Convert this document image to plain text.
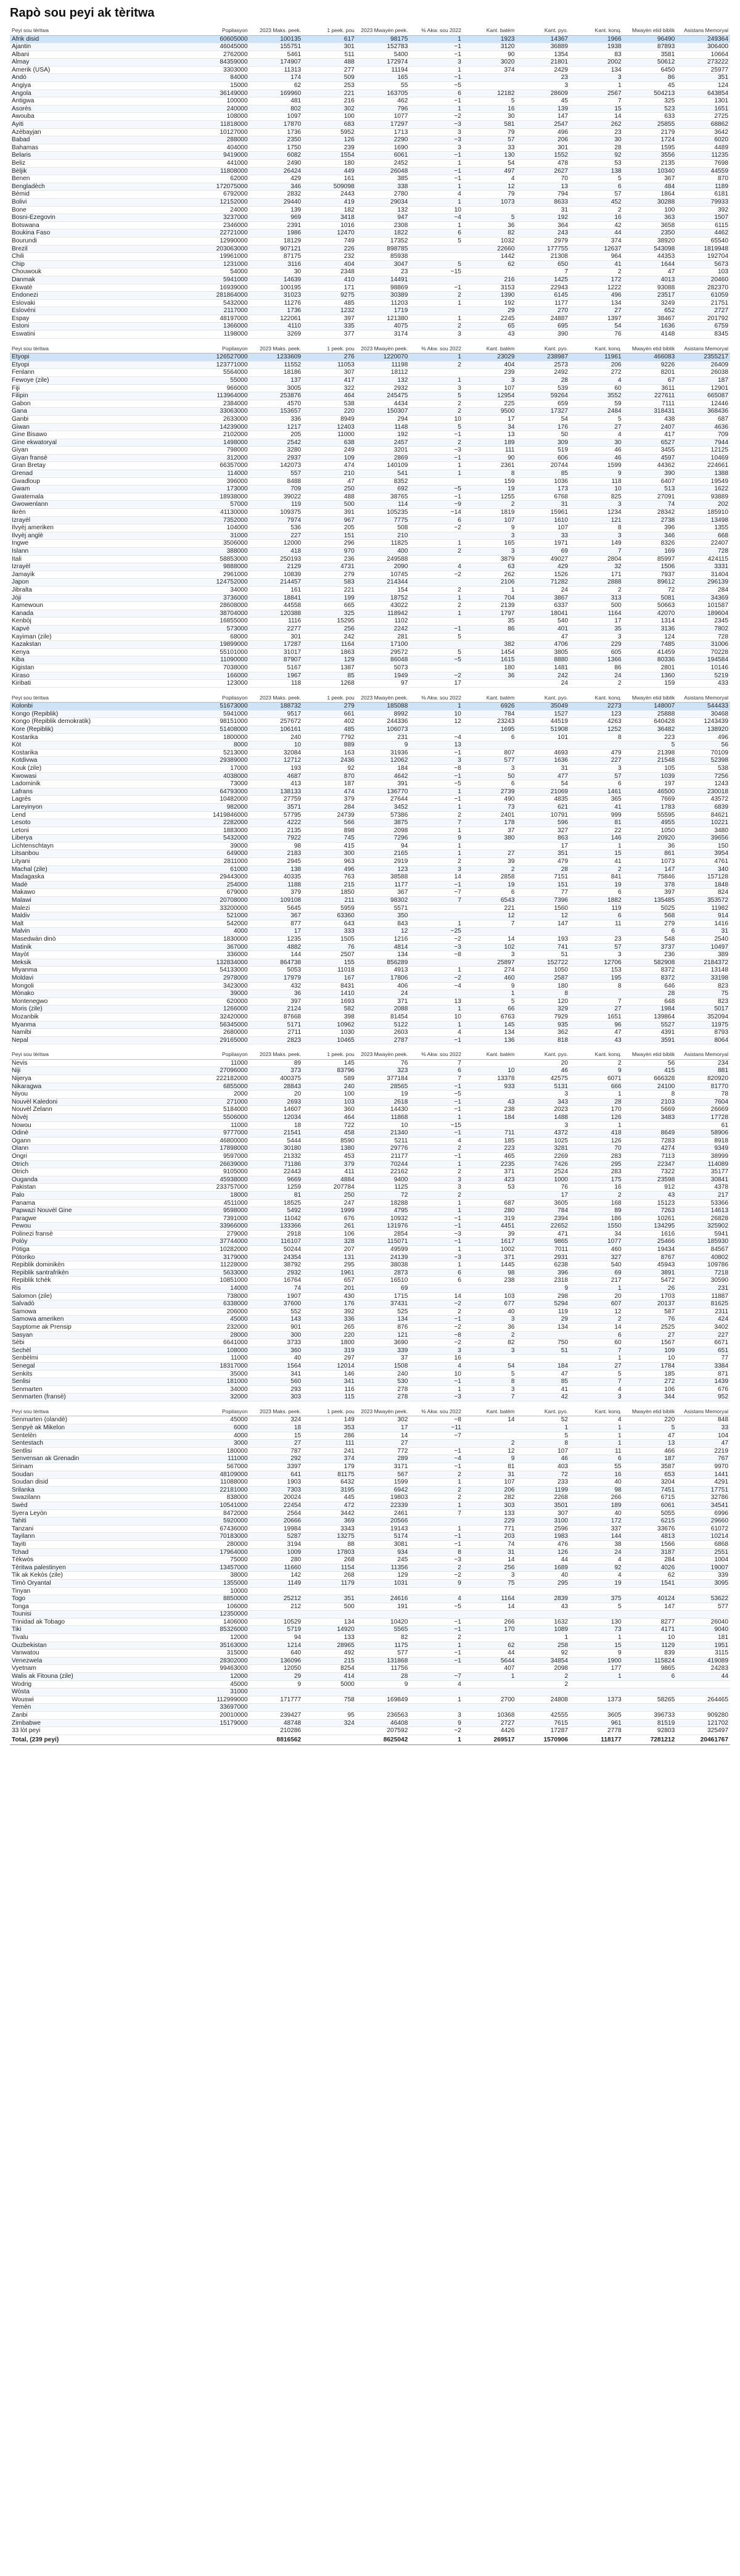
Rapò sou peyi ak tèritwa
Peyi sou tèritwa	Popilasyon	2023 Maks. peek.	1 peek. pou	2023 Mwayèn peek.	% Akw. sou 2022	Kant. batèm	Kant. pyo.	Kant. konq.	Mwayèn etid biblik	Asistans Memoryal
Afrik disid	60605000	100135	617	98175	1	1923	14367	1966	96490	249364
Ajantin	46045000	155751	301	152783	−1	3120	36889	1938	87893	306400
Albani	2762000	5461	511	5400	−1	90	1354	83	3581	10664
Almay	84359000	174907	488	172974	3	3020	21801	2002	50612	273222
Amerik (USA)	3303000	11313	277	11194	1	374	2429	134	6450	25977
Andò	84000	174	509	165	−1		23	3	86	351
Angiya	15000	62	253	55	−5		3	1	45	124
Angola	36149000	169960	221	163705	6	12182	28609	2567	504213	643854
Antigwa	100000	481	216	462	−1	5	45	7	325	1301
Asorès	240000	802	302	796	1	16	139	15	523	1651
Awouba	108000	1097	100	1077	−2	30	147	14	633	2725
Ayiti	11818000	17870	683	17297	−3	581	2547	262	25855	68862
Azèbayjan	10127000	1736	5952	1713	3	79	496	23	2179	3642
Babad	288000	2350	126	2290	−3	57	206	30	1724	6020
Bahamas	404000	1750	239	1690	3	33	301	28	1595	4489
Belaris	9419000	6082	1554	6061	−1	130	1552	92	3556	11235
Beliz	441000	2490	180	2452	1	54	478	53	2135	7698
Bèljik	11808000	26424	449	26048	−1	497	2627	138	10340	44559
Benen	62000	429	161	385	−1	4	70	5	367	870
Bengladèch	172075000	346	509098	338	1	12	13	6	484	1189
Bèmid	6792000	2832	2443	2780	4	79	794	57	1864	6181
Bolivi	12152000	29440	419	29034	1	1073	8633	452	30288	79933
Bone	24000	139	182	132	10		31	2	100	392
Bosni-Èzegovin	3237000	969	3418	947	−4	5	192	16	363	1507
Botswana	2346000	2391	1016	2308	1	36	364	42	3658	6115
Boukina Faso	22721000	1986	12470	1822	6	82	243	44	2350	4462
Bourundi	12990000	18129	749	17352	5	1032	2979	374	38920	65540
Brezil	203063000	907121	226	898785		22660	177755	12637	543098	1819948
Chili	19961000	87175	232	85938		1442	21308	964	44353	192704
Chip	1231000	3116	404	3047	5	62	650	41	1644	5673
Chouwouk	54000	30	2348	23	−15		7	2	47	103
Danmak	5941000	14639	410	14491		216	1425	172	4013	20460
Ekwatè	16939000	100195	171	98869	−1	3153	22943	1222	93088	282370
Endonezi	281864000	31023	9275	30389	2	1390	6145	496	23517	61059
Eslovaki	5432000	11276	485	11203	1	192	1177	134	3249	21751
Eslovéni	2117000	1736	1232	1719		29	270	27	652	2727
Espay	48197000	122061	397	121380	1	2245	24887	1397	38467	201792
Estoni	1366000	4110	335	4075	2	65	695	54	1636	6759
Eswatini	1198000	3269	377	3174	3	43	390	76	4148	8345
Peyi sou tèritwa	Popilasyon	2023 Maks. peek.	1 peek. pou	2023 Mwayèn peek.	% Akw. sou 2022	Kant. batèm	Kant. pyo.	Kant. konq.	Mwayèn etid biblik	Asistans Memoryal
Etyopi	126527000	1233609	276	1220070	1	23029	238987	11961	466083	2355217
Etyopi	123771000	11552	11053	11198	2	404	2573	206	9226	26409
Fenlann	5564000	18186	307	18112		239	2492	272	8201	26038
Fewoye (zile)	55000	137	417	132	1	3	28	4	67	187
Fiji	966000	3005	322	2932	3	107	539	60	3611	12901
Filipin	113964000	253876	464	245475	5	12954	59264	3552	227611	665087
Gabon	2384000	4570	538	4434	2	225	659	59	7111	12446
Gana	33063000	153657	220	150307	2	9500	17327	2484	318431	368436
Ganbi	2633000	336	8949	294	10	17	54	5	438	687
Giwan	14239000	1217	12403	1148	5	34	176	27	2407	4636
Gine Bisawo	2102000	205	11000	192	−1	13	50	4	417	709
Gine ekwatoryal	1498000	2542	638	2457	2	189	309	30	6527	7944
Giyan	798000	3280	249	3201	−3	111	519	46	3455	12125
Giyan fransè	312000	2937	109	2869	−1	90	606	46	4597	10469
Gran Bretay	66357000	142073	474	140109	1	2361	20744	1599	44362	224661
Grenad	114000	557	210	541	1	8	85	9	390	1388
Gwadloup	396000	8488	47	8352		159	1036	118	6407	19549
Gwam	173000	709	250	692	−5	19	173	10	513	1622
Gwatemala	18938000	39022	488	38765	−1	1255	6768	825	27091	93889
Gwowenlann	57000	119	500	114	−9	2	31	3	74	202
Ikrèn	41130000	109375	391	105235	−14	1819	15961	1234	28342	185910
Izrayèl	7352000	7974	967	7775	6	107	1610	121	2738	13498
Ilvyèj ameriken	104000	536	205	508	−2	9	107	8	396	1355
Ilvyèj anglè	31000	227	151	210		3	33	3	346	668
Ingwe	3506000	12000	296	11825	1	165	1971	149	8326	22407
Islann	388000	418	970	400	2	3	69	7	169	728
Itali	58853000	250193	236	249588		3879	49027	2804	85997	424115
Izrayèl	9888000	2129	4731	2090	4	63	429	32	1506	3331
Jamayik	2961000	10839	279	10745	−2	262	1526	171	7937	31404
Japon	124752000	214457	583	214344		2106	71282	2888	89612	296139
Jibralta	34000	161	221	154	2	1	24	2	72	284
Jòji	3736000	18841	199	18752	1	704	3867	313	5081	34369
Kamewoun	28608000	44558	665	43022	2	2139	6337	500	50663	101587
Kanada	38704000	120388	325	118942	1	1797	18041	1164	42070	189604
Kenbòj	16855000	1116	15295	1102		35	540	17	1314	2345
Kapvè	573000	2277	256	2242	−1	86	401	35	3136	7802
Kayiman (zile)	68000	301	242	281	5		47	3	124	728
Kazakstan	19899000	17287	1164	17100		382	4706	229	7485	31006
Kenya	55101000	31017	1863	29572	5	1454	3805	605	41459	70228
Kiba	11090000	87907	129	86048	−5	1615	8880	1366	80336	194584
Kigistan	7038000	5167	1387	5073		180	1481	86	2801	10146
Kiraso	166000	1967	85	1949	−2	36	242	24	1360	5219
Kiribati	123000	118	1268	97	17		24	2	159	433
Peyi sou tèritwa	Popilasyon	2023 Maks. peek.	1 peek. pou	2023 Mwayèn peek.	% Akw. sou 2022	Kant. batèm	Kant. pyo.	Kant. konq.	Mwayèn etid biblik	Asistans Memoryal
Kolonbi	51673000	188732	279	185088	1	6926	35049	2273	148007	544433
Kongo (Repiblik)	5941000	9517	661	8992	10	784	1527	123	25888	30468
Kongo (Repiblik demokratik)	98151000	257672	402	244336	12	23243	44519	4263	640428	1243439
Kore (Repiblik)	51408000	106161	485	106073		1695	51908	1252	36482	138920
Kostarika	1800000	240	7792	231	−4	6	101	8	223	496
Kòt	8000	10	889	9	13				5	56
Kostarika	5213000	32084	163	31936	−1	807	4693	479	21398	70109
Kotdivwa	29389000	12712	2436	12062	3	577	1636	227	21548	52398
Kouk (zile)	17000	193	92	184	−8	3	31	3	105	538
Kwowasi	4038000	4687	870	4642	−1	50	477	57	1039	7256
Ladominik	73000	413	187	391	−5	6	54	6	197	1243
Lafrans	64793000	138133	474	136770	1	2739	21069	1461	46500	230018
Lagrès	10482000	27759	379	27644	−1	490	4835	365	7669	43572
Lareyinyon	982000	3571	284	3452	1	73	621	41	1783	6839
Lend	1419846000	57795	24739	57386	2	2401	10791	999	55595	84621
Lesoto	2282000	4222	566	3875	7	178	596	81	4955	10221
Letoni	1883000	2135	898	2098	1	37	327	22	1050	3480
Liberya	5432000	7922	745	7296	9	380	863	146	20920	39656
Lichtenschtayn	39000	98	415	94	1		17	1	36	150
Litsanbou	649000	2183	300	2165	1	27	351	15	861	3954
Lityani	2811000	2945	963	2919	2	39	479	41	1073	4761
Machal (zile)	61000	138	496	123	3	2	28	2	147	340
Madagaska	29443000	40335	763	38588	14	2858	7151	841	75846	157128
Madè	254000	1188	215	1177	−1	19	151	19	378	1848
Makawo	679000	379	1850	367	−7	6	77	6	397	824
Malawi	20708000	109108	211	98302	7	6543	7396	1882	135485	353572
Malezi	33200000	5645	5959	5571		221	1560	119	5025	11982
Maldiv	521000	367	63360	350		12	12	6	568	914
Malt	542000	877	643	843	1	7	147	11	279	1416
Malvin	4000	17	333	12	−25				6	31
Masedwàn dinò	1830000	1235	1505	1216	−2	14	193	23	548	2540
Matinik	367000	4882	76	4814	−3	102	741	57	3737	10497
Mayòt	336000	144	2507	134	−8	3	51	3	236	389
Meksik	132834000	864738	155	856289		25897	152722	12706	582908	2184372
Miyanma	54133000	5053	11018	4913	1	274	1050	153	8372	13148
Moldavi	2978000	17979	167	17806	−2	460	2587	195	8372	33198
Mongoli	3423000	432	8431	406	−4	9	180	8	646	823
Mònako	39000	36	1410	24		1	8		28	75
Montenegwo	620000	397	1693	371	13	5	120	7	648	823
Moris (zile)	1266000	2124	582	2088	1	66	329	27	1984	5017
Mozanbik	32420000	87668	398	81454	10	6763	7929	1651	139864	352094
Myanma	56345000	5171	10962	5122	1	145	935	96	5527	11975
Namibi	2680000	2711	1030	2603	4	134	362	47	4391	8793
Nepal	29165000	2823	10465	2787	−1	136	818	43	3591	8064
Peyi sou tèritwa	Popilasyon	2023 Maks. peek.	1 peek. pou	2023 Mwayèn peek.	% Akw. sou 2022	Kant. batèm	Kant. pyo.	Kant. konq.	Mwayèn etid biblik	Asistans Memoryal
Nevis	11000	89	145	76	7		20	2	56	234
Niji	27096000	373	83796	323	6	10	46	9	415	881
Nijerya	222182000	400375	589	377184	7	13378	42575	6071	666328	820920
Nikaragwa	6855000	28843	240	28565	−1	933	5131	666	24100	81770
Niyou	2000	20	100	19	−5		3	1	8	78
Nouvèl Kaledoni	271000	2693	103	2618	−1	43	343	28	2103	7604
Nouvèl Zelann	5184000	14607	360	14430	−1	238	2023	170	5669	26669
Nòvèj	5506000	12034	464	11868	1	184	1488	126	3483	17728
Nowou	11000	18	722	10	−15		3	1		61
Òdinè	9777000	21541	458	21340	−1	711	4372	418	8649	58906
Ogann	46800000	5444	8590	5211	4	185	1025	126	7283	8918
Olann	17898000	30180	1380	29776	2	223	3281	70	4274	9349
Ongri	9597000	21332	453	21177	−1	465	2269	283	7113	38999
Òtrich	26639000	71186	379	70244	1	2235	7426	295	22347	114089
Òtrich	9105000	22443	411	22162	2	371	2524	283	7322	35177
Ouganda	45938000	9669	4884	9400	3	423	1000	175	23598	30841
Pakistan	233757000	1259	207784	1125	3	53	76	16	912	4378
Palo	18000	81	250	72	2		17	2	43	217
Panama	4511000	18525	247	18288	1	687	3605	168	15123	53366
Papwazi Nouvèl Gine	9598000	5492	1999	4795	1	280	784	89	7263	14613
Paragwe	7391000	11042	676	10932	−1	319	2394	186	10261	26828
Pewou	33966000	133366	261	131976	−1	4451	22652	1550	134295	325902
Polinezi fransè	279000	2918	106	2854	−3	39	471	34	1616	5941
Polòy	37744000	116107	328	115071	−1	1617	9865	1077	25466	185930
Pòtiga	10282000	50244	207	49599	1	1002	7011	460	19434	84567
Pòtoriko	3179000	24354	131	24139	−3	371	2931	327	8767	40802
Repiblik dominikèn	11228000	38792	295	38038	1	1445	6238	540	45943	109786
Repiblik santrafrikèn	5633000	2932	1961	2873	6	98	396	69	3891	7218
Repiblik tchèk	10851000	16764	657	16510	6	238	2318	217	5472	30590
Ris	14000	74	201	69			9	1	26	231
Salomon (zile)	738000	1907	430	1715	14	103	298	20	1703	11887
Salvadò	6338000	37600	176	37431	−2	677	5294	607	20137	81625
Samowa	206000	552	392	525	2	40	119	12	587	2311
Samowa ameriken	45000	143	336	134	−1	3	29	2	76	424
Sayptome ak Prensip	232000	901	265	876	−2	36	134	14	2525	3402
Sasyan	28000	300	220	121	−8	2		6	27	227
Sèbi	6641000	3733	1800	3690	−2	82	750	60	1567	6671
Sechèl	108000	360	319	339	3	3	51	7	109	651
Senbèlmi	11000	40	297	37	16			1	10	77
Senegal	18317000	1564	12014	1508	4	54	184	27	1784	3384
Senkits	35000	341	146	240	10	5	47	5	185	871
Senlisi	181000	560	341	530	−1	8	85	7	272	1439
Senmarten	34000	293	116	278	1	3	41	4	106	676
Senmarten (fransè)	32000	303	115	278	−3	7	42	3	344	952
Peyi sou tèritwa	Popilasyon	2023 Maks. peek.	1 peek. pou	2023 Mwayèn peek.	% Akw. sou 2022	Kant. batèm	Kant. pyo.	Kant. konq.	Mwayèn etid biblik	Asistans Memoryal
Senmarten (olandè)	45000	324	149	302	−8	14	52	4	220	848
Senpyè ak Mikelon	6000	18	353	17	−11		1	1	5	33
Sentelèn	4000	15	286	14	−7		5	1	47	104
Sentestach	3000	27	111	27		2	8	1	13	47
Sentlisi	180000	787	241	772	−1	12	107	11	466	2219
Senvensan ak Grenadin	111000	292	374	289	−4	9	46	6	187	767
Sirinam	567000	3397	179	3171	−1	81	403	55	3587	9970
Soudan	48109000	641	81175	567	2	31	72	16	653	1441
Soudan disid	11088000	1903	6432	1599	1	107	233	40	3204	4291
Srilanka	22181000	7303	3195	6942	2	206	1199	98	7451	17751
Swazilann	838000	20024	445	19803	2	282	2268	266	6715	32786
Swèd	10541000	22454	472	22339	1	303	3501	189	6061	34541
Syera Leyòn	8472000	2564	3442	2461	7	133	307	40	5055	6996
Tahiti	5920000	20666	369	20566		229	3100	172	6215	29660
Tanzani	67436000	19984	3343	19143	1	771	2596	337	33676	61072
Tayilann	70183000	5287	13275	5174	−1	203	1983	144	4813	10214
Tayiti	280000	3194	88	3081	−1	74	476	38	1566	6868
Tchad	17964000	1009	17803	934	8	31	126	24	3187	2551
Tèkwòs	75000	280	268	245	−3	14	44	4	284	1004
Tèritwa palestinyen	13457000	11660	1154	11356	2	256	1689	92	4026	19007
Tik ak Kekòs (zile)	38000	142	268	129	−2	3	40	4	62	339
Timò Oryantal	1355000	1149	1179	1031	9	75	295	19	1541	3095
Tinyan	10000									
Togo	8850000	25212	351	24616	4	1164	2839	375	40124	53622
Tonga	106000	212	500	191	−5	14	43	5	147	577
Tounisi	12350000									
Trinidad ak Tobago	1406000	10529	134	10420	−1	266	1632	130	8277	26040
Tiki	85326000	5719	14920	5565	−1	170	1089	73	4171	9040
Tivalu	12000	94	133	82	2		1	1	10	181
Ouzbekistan	35163000	1214	28965	1175	1	62	258	15	1129	1951
Vanwatou	315000	640	492	577	−1	44	92	9	839	3115
Venezwela	28302000	136096	215	131868	−1	5644	34854	1900	115824	419089
Vyetnam	99463000	12050	8254	11756		407	2098	177	9865	24283
Walis ak Fitouna (zile)	12000	29	414	28	−7	1	2	1	6	44
Wodrig	45000	9	5000	9	4		2			
Wòsta	31000									
Wouswi	112999000	171777	758	169849	1	2700	24808	1373	58265	264465
Yemèn	33697000									
Zanbi	20010000	239427	95	236563	3	10368	42555	3605	396733	909280
Zimbabwe	15179000	48748	324	46408	9	2727	7615	961	81519	121702
33 lòt peyi		210286		207592	−2	4426	17287	2778	92803	325497
Total, (239 peyi)		8816562		8625042	1	269517	1570906	118177	7281212	20461767
